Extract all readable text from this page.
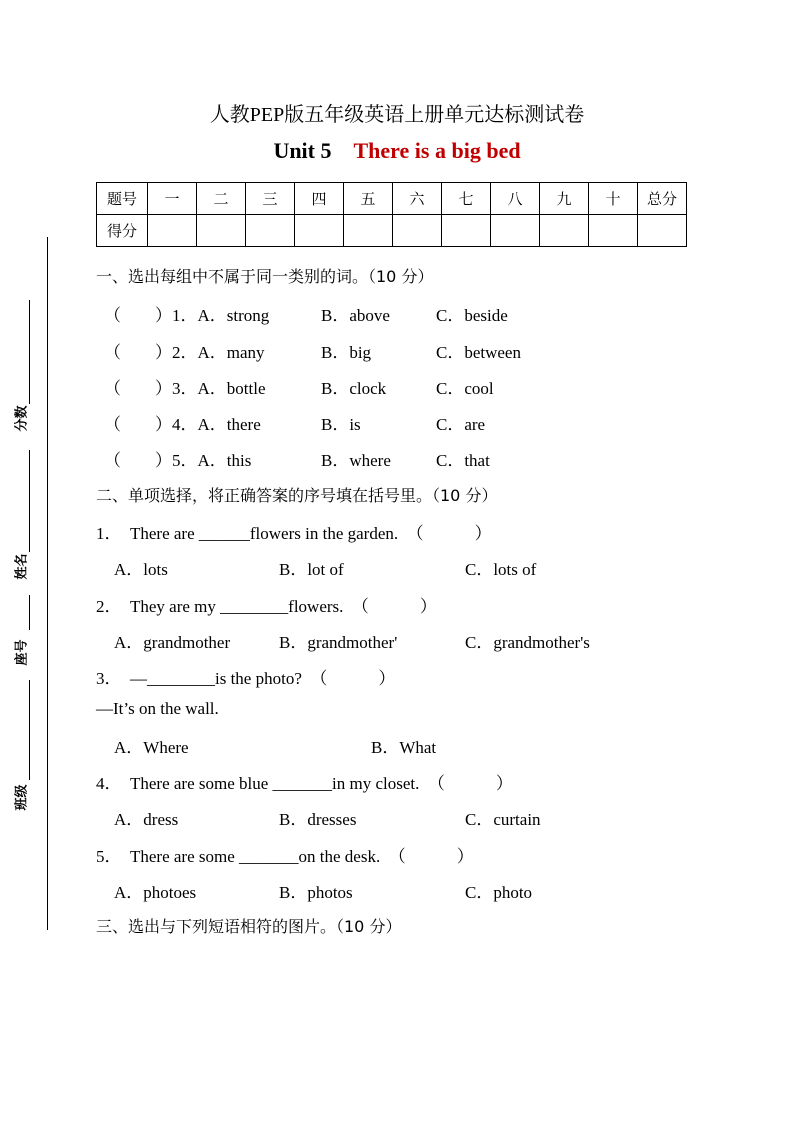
人教PEP版五年级英语上册单元达标测试卷
Unit 5 There is a big bed
题号	一	二	三	四	五	六	七	八	九	十	总分
得分											
分数
姓名
座号
班级
一、选出每组中不属于同一类别的词。（10 分）
（　　）1．A．strong	B．above	C．beside
（　　）2．A．many	B．big	C．between
（　　）3．A．bottle	B．clock	C．cool
（　　）4．A．there	B．is	C．are
（　　）5．A．this	B．where	C．that
二、单项选择，将正确答案的序号填在括号里。（10 分）
1．　There are ______flowers in the garden.　（　　　）
A．lots	B．lot of	C．lots of
2．　They are my ________flowers.　（　　　）
A．grandmother	B．grandmother'	C．grandmother's
3．　—________is the photo?　（　　　）
—It’s on the wall.
A．Where	B．What
4．　There are some blue _______in my closet.　（　　　）
A．dress	B．dresses	C．curtain
5．　There are some _______on the desk.　（　　　）
A．photoes	B．photos	C．photo
三、选出与下列短语相符的图片。（10 分）
